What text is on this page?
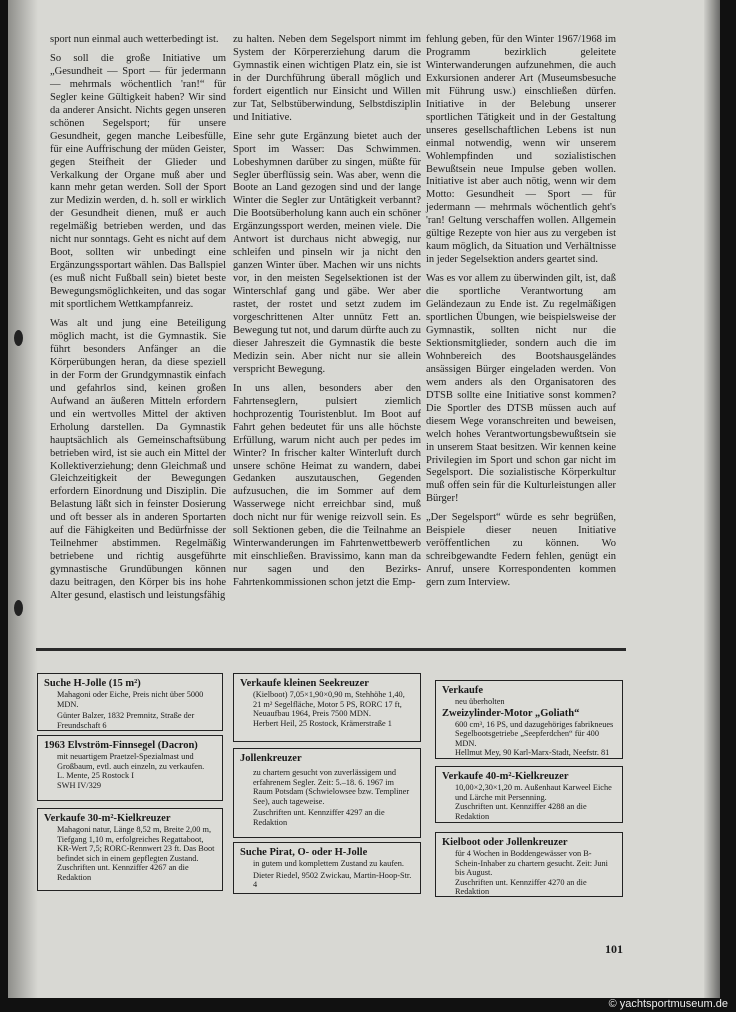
sport nun einmal auch wetterbedingt ist.

So soll die große Initiative um „Gesundheit — Sport — für jedermann — mehrmals wöchentlich 'ran!“ für Segler keine Gültigkeit haben? Wir sind da anderer Ansicht. Nichts gegen unseren schönen Segelsport; für unsere Gesundheit, gegen manche Leibesfülle, für eine Auffrischung der müden Geister, gegen Steifheit der Glieder und Verkalkung der Organe muß aber und kann mehr getan werden. Soll der Sport zur Medizin werden, d. h. soll er wirklich der Gesundheit dienen, muß er auch regelmäßig betrieben werden, und das nicht nur sonntags. Geht es nicht auf dem Boot, sollten wir unbedingt eine Ergänzungssportart wählen. Das Ballspiel (es muß nicht Fußball sein) bietet beste Bewegungsmöglichkeiten, und das sogar mit sportlichem Wettkampfanreiz.

Was alt und jung eine Beteiligung möglich macht, ist die Gymnastik. Sie führt besonders Anfänger an die Körperübungen heran, da diese speziell in der Form der Grundgymnastik einfach und gefahrlos sind, keinen großen Aufwand an äußeren Mitteln erfordern und ein wertvolles Mittel der aktiven Erholung darstellen. Da Gymnastik hauptsächlich als Gemeinschaftsübung betrieben wird, ist sie auch ein Mittel der Kollektiverziehung; denn Gleichmaß und Gleichzeitigkeit der Bewegungen erfordern Einordnung und Disziplin. Die Belastung läßt sich in feinster Dosierung und oft besser als in anderen Sportarten auf die Fähigkeiten und Bedürfnisse der Teilnehmer abstimmen. Regelmäßig betriebene und richtig ausgeführte gymnastische Grundübungen können dazu beitragen, den Körper bis ins hohe Alter gesund, elastisch und leistungsfähig

zu halten. Neben dem Segelsport nimmt im System der Körpererziehung darum die Gymnastik einen wichtigen Platz ein, sie ist in der Durchführung überall möglich und fordert eigentlich nur Einsicht und Willen zur Tat, Selbstüberwindung, Selbstdisziplin und Initiative.

Eine sehr gute Ergänzung bietet auch der Sport im Wasser: Das Schwimmen. Lobeshymnen darüber zu singen, müßte für Segler überflüssig sein. Was aber, wenn die Boote an Land gezogen sind und der lange Winter die Segler zur Untätigkeit verbannt? Die Bootsüberholung kann auch ein schöner Ergänzungssport werden, meinen viele. Die Antwort ist durchaus nicht abwegig, nur schleifen und pinseln wir ja nicht den ganzen Winter über. Machen wir uns nichts vor, in den meisten Segelsektionen ist der Winterschlaf gang und gäbe. Wer aber rastet, der rostet und setzt zudem im vorgeschrittenen Alter unnütz Fett an. Bewegung tut not, und darum dürfte auch zu dieser Jahreszeit die Gymnastik die beste Medizin sein. Aber nicht nur sie allein verspricht Bewegung.

In uns allen, besonders aber den Fahrtenseglern, pulsiert ziemlich hochprozentig Touristenblut. Im Boot auf Fahrt gehen bedeutet für uns alle höchste Erfüllung, warum nicht auch per pedes im Winter? In frischer kalter Winterluft durch unsere schöne Heimat zu wandern, dabei Gedanken auszutauschen, Gegenden aufzusuchen, die im Sommer auf dem Wasserwege nicht erreichbar sind, muß doch nicht nur für wenige reizvoll sein. Es soll Sektionen geben, die die Teilnahme an Winterwanderungen im Fahrtenwettbewerb mit einschließen. Bravissimo, kann man da nur sagen und den Bezirks-Fahrtenkommissionen schon jetzt die Emp-

fehlung geben, für den Winter 1967/1968 im Programm bezirklich geleitete Winterwanderungen aufzunehmen, die auch Exkursionen anderer Art (Museumsbesuche mit Führung usw.) einschließen dürfen. Initiative in der Belebung unserer sportlichen Tätigkeit und in der Gestaltung unseres gesellschaftlichen Lebens ist nun einmal notwendig, wenn wir unserem Wohlempfinden und sozialistischen Bewußtsein neue Impulse geben wollen. Initiative ist aber auch nötig, wenn wir dem Motto: Gesundheit — Sport — für jedermann — mehrmals wöchentlich geht's 'ran! Geltung verschaffen wollen. Allgemein gültige Rezepte von hier aus zu vergeben ist kaum möglich, da Situation und Verhältnisse in jeder Segelsektion anders geartet sind.

Was es vor allem zu überwinden gilt, ist, daß die sportliche Verantwortung am Geländezaun zu Ende ist. Zu regelmäßigen sportlichen Übungen, wie beispielsweise der Gymnastik, sollten nicht nur die Sektionsmitglieder, sondern auch die im Wohnbereich des Bootshausgeländes ansässigen Bürger eingeladen werden. Von wem anders als den Organisatoren des DTSB sollte eine Initiative sonst kommen? Die Sportler des DTSB müssen auch auf diesem Wege voranschreiten und beweisen, welch hohes Verantwortungsbewußtsein sie in unserem Staat besitzen. Wir kennen keine Privilegien im Sport und schon gar nicht im Segelsport. Die sozialistische Körperkultur muß offen sein für die Kulturleistungen aller Bürger!

„Der Segelsport“ würde es sehr begrüßen, Beispiele dieser neuen Initiative veröffentlichen zu können. Wo schreibgewandte Federn fehlen, genügt ein Anruf, unsere Korrespondenten kommen gern zum Interview.

Suche H-Jolle (15 m²)
Mahagoni oder Eiche, Preis nicht über 5000 MDN.
Günter Balzer, 1832 Premnitz, Straße der Freundschaft 6
1963 Elvström-Finnsegel (Dacron)
mit neuartigem Praetzel-Spezialmast und Großbaum, evtl. auch einzeln, zu verkaufen.
L. Mente, 25 Rostock I
SWH IV/329
Verkaufe 30-m²-Kielkreuzer
Mahagoni natur, Länge 8,52 m, Breite 2,00 m, Tiefgang 1,10 m, erfolgreiches Regattaboot, KR-Wert 7,5; RORC-Rennwert 23 ft. Das Boot befindet sich in einem gepflegten Zustand.
Zuschriften unt. Kennziffer 4267 an die Redaktion
Verkaufe kleinen Seekreuzer
(Kielboot) 7,05×1,90×0,90 m, Stehhöhe 1,40, 21 m² Segelfläche, Motor 5 PS, RORC 17 ft, Neuaufbau 1964, Preis 7500 MDN.
Herbert Heil, 25 Rostock, Krämerstraße 1
Jollenkreuzer
zu chartern gesucht von zuverlässigem und erfahrenem Segler. Zeit: 5.–18. 6. 1967 im Raum Potsdam (Schwielowsee bzw. Templiner See), auch tageweise.
Zuschriften unt. Kennziffer 4297 an die Redaktion
Suche Pirat, O- oder H-Jolle
in gutem und komplettem Zustand zu kaufen.
Dieter Riedel, 9502 Zwickau, Martin-Hoop-Str. 4
Verkaufe
neu überholten
Zweizylinder-Motor „Goliath“
600 cm³, 16 PS, und dazugehöriges fabrikneues Segelbootsgetriebe „Seepferdchen“ für 400 MDN.
Hellmut Mey, 90 Karl-Marx-Stadt, Neefstr. 81
Verkaufe 40-m²-Kielkreuzer
10,00×2,30×1,20 m. Außenhaut Karweel Eiche und Lärche mit Persenning.
Zuschriften unt. Kennziffer 4288 an die Redaktion
Kielboot oder Jollenkreuzer
für 4 Wochen in Boddengewässer von B-Schein-Inhaber zu chartern gesucht. Zeit: Juni bis August.
Zuschriften unt. Kennziffer 4270 an die Redaktion
101
© yachtsportmuseum.de
